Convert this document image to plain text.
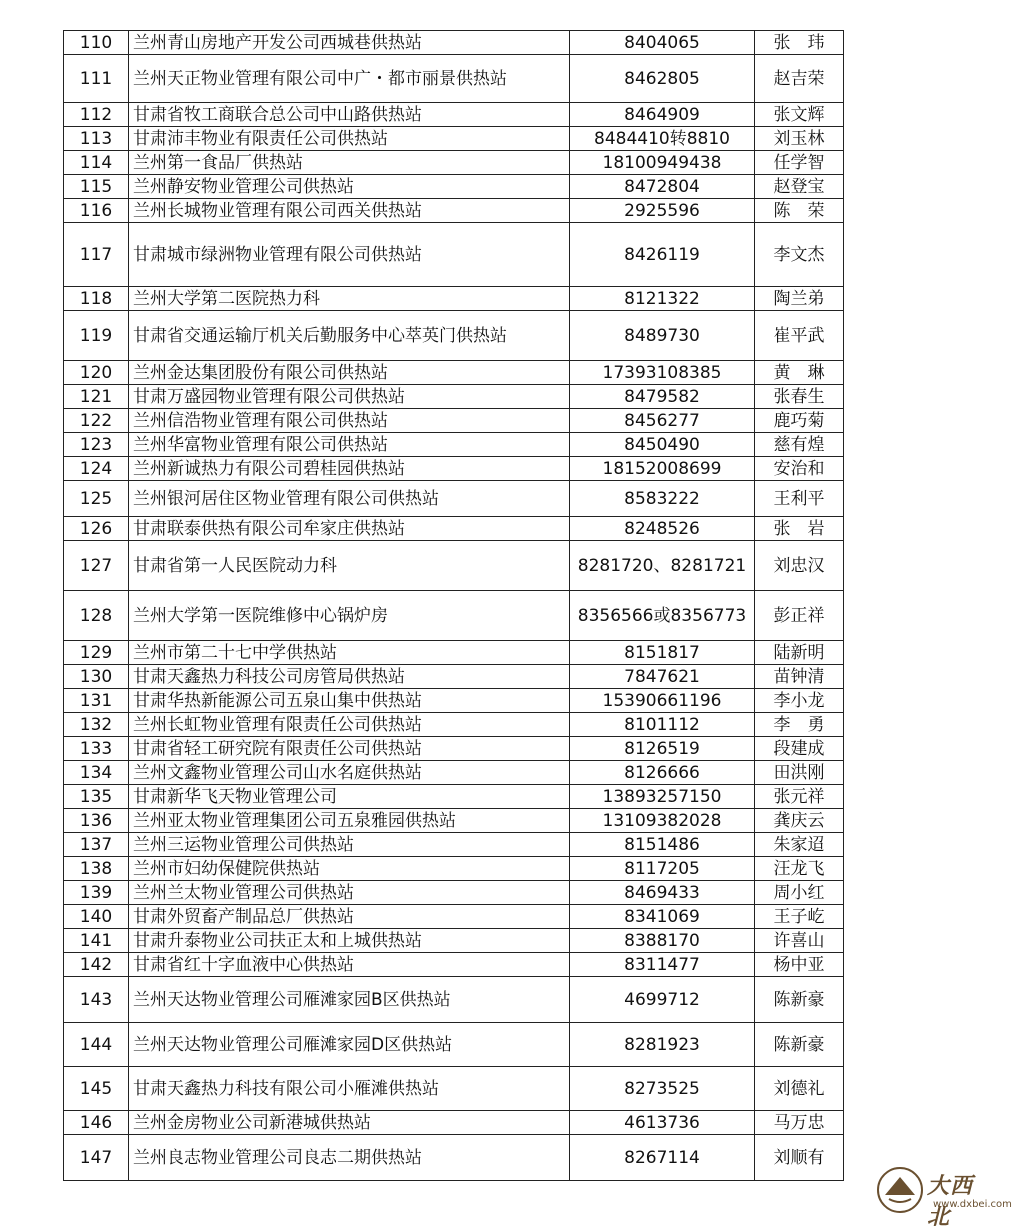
110	兰州青山房地产开发公司西城巷供热站	8404065	张　玮
111	兰州天正物业管理有限公司中广・都市丽景供热站	8462805	赵吉荣
112	甘肃省牧工商联合总公司中山路供热站	8464909	张文辉
113	甘肃沛丰物业有限责任公司供热站	8484410转8810	刘玉林
114	兰州第一食品厂供热站	18100949438	任学智
115	兰州静安物业管理公司供热站	8472804	赵登宝
116	兰州长城物业管理有限公司西关供热站	2925596	陈　荣
117	甘肃城市绿洲物业管理有限公司供热站	8426119	李文杰
118	兰州大学第二医院热力科	8121322	陶兰弟
119	甘肃省交通运输厅机关后勤服务中心萃英门供热站	8489730	崔平武
120	兰州金达集团股份有限公司供热站	17393108385	黄　琳
121	甘肃万盛园物业管理有限公司供热站	8479582	张春生
122	兰州信浩物业管理有限公司供热站	8456277	鹿巧菊
123	兰州华富物业管理有限公司供热站	8450490	慈有煌
124	兰州新诚热力有限公司碧桂园供热站	18152008699	安治和
125	兰州银河居住区物业管理有限公司供热站	8583222	王利平
126	甘肃联泰供热有限公司牟家庄供热站	8248526	张　岩
127	甘肃省第一人民医院动力科	8281720、8281721	刘忠汉
128	兰州大学第一医院维修中心锅炉房	8356566或8356773	彭正祥
129	兰州市第二十七中学供热站	8151817	陆新明
130	甘肃天鑫热力科技公司房管局供热站	7847621	苗钟清
131	甘肃华热新能源公司五泉山集中供热站	15390661196	李小龙
132	兰州长虹物业管理有限责任公司供热站	8101112	李　勇
133	甘肃省轻工研究院有限责任公司供热站	8126519	段建成
134	兰州文鑫物业管理公司山水名庭供热站	8126666	田洪刚
135	甘肃新华飞天物业管理公司	13893257150	张元祥
136	兰州亚太物业管理集团公司五泉雅园供热站	13109382028	龚庆云
137	兰州三运物业管理公司供热站	8151486	朱家迢
138	兰州市妇幼保健院供热站	8117205	汪龙飞
139	兰州兰太物业管理公司供热站	8469433	周小红
140	甘肃外贸畜产制品总厂供热站	8341069	王子屹
141	甘肃升泰物业公司扶正太和上城供热站	8388170	许喜山
142	甘肃省红十字血液中心供热站	8311477	杨中亚
143	兰州天达物业管理公司雁滩家园B区供热站	4699712	陈新豪
144	兰州天达物业管理公司雁滩家园D区供热站	8281923	陈新豪
145	甘肃天鑫热力科技有限公司小雁滩供热站	8273525	刘德礼
146	兰州金房物业公司新港城供热站	4613736	马万忠
147	兰州良志物业管理公司良志二期供热站	8267114	刘顺有
大西北
www.dxbei.com
